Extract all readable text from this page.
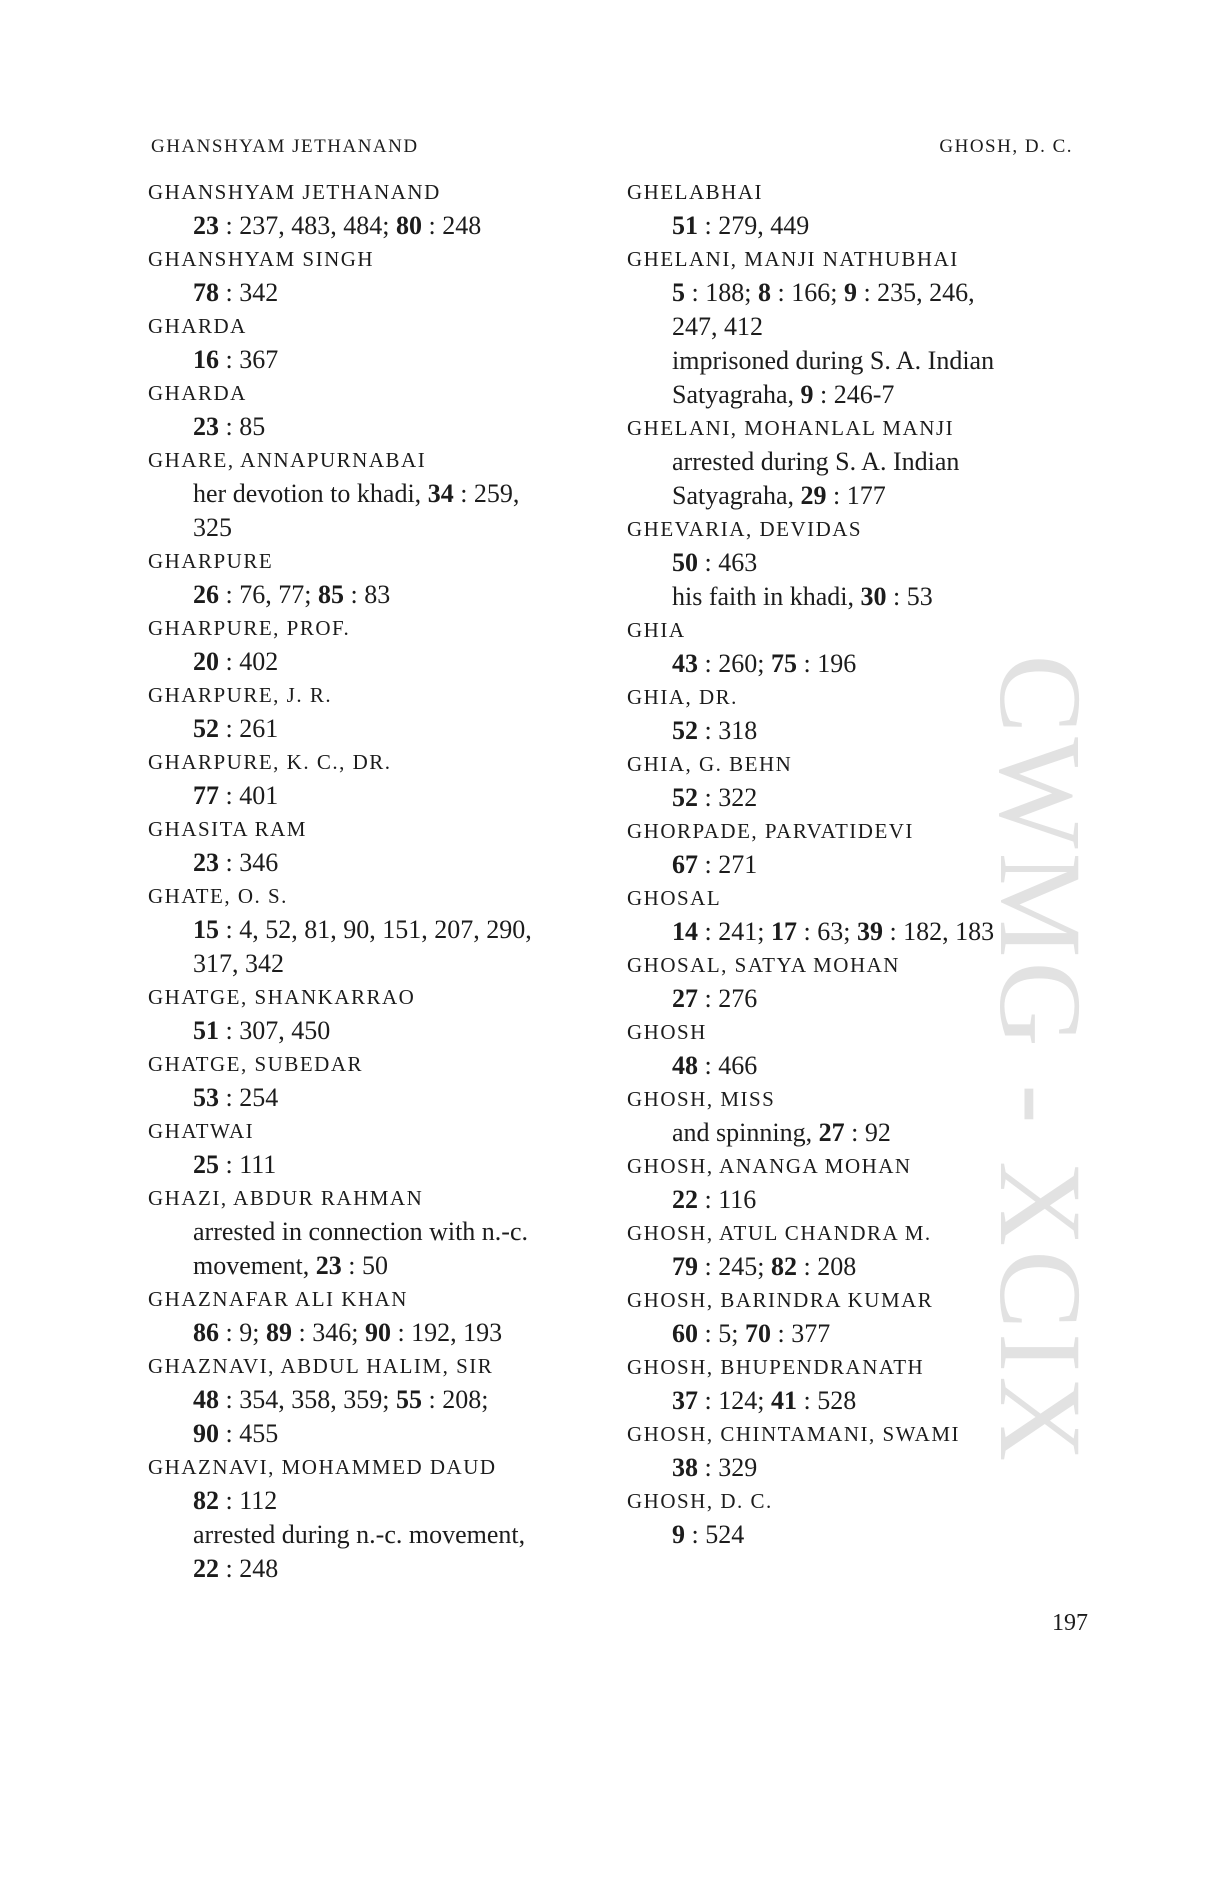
CWMG - XCIX
GHANSHYAM JETHANAND	GHOSH, D. C.
GHANSHYAM JETHANAND
23 : 237, 483, 484; 80 : 248
GHANSHYAM SINGH
78 : 342
GHARDA
16 : 367
GHARDA
23 : 85
GHARE, ANNAPURNABAI
her devotion to khadi, 34 : 259,
325
GHARPURE
26 : 76, 77; 85 : 83
GHARPURE, PROF.
20 : 402
GHARPURE, J. R.
52 : 261
GHARPURE, K. C., DR.
77 : 401
GHASITA RAM
23 : 346
GHATE, O. S.
15 : 4, 52, 81, 90, 151, 207, 290,
317, 342
GHATGE, SHANKARRAO
51 : 307, 450
GHATGE, SUBEDAR
53 : 254
GHATWAI
25 : 111
GHAZI, ABDUR RAHMAN
arrested in connection with n.-c.
movement, 23 : 50
GHAZNAFAR ALI KHAN
86 : 9; 89 : 346; 90 : 192, 193
GHAZNAVI, ABDUL HALIM, SIR
48 : 354, 358, 359; 55 : 208;
90 : 455
GHAZNAVI, MOHAMMED DAUD
82 : 112
arrested during n.-c. movement,
22 : 248
GHELABHAI
51 : 279, 449
GHELANI, MANJI NATHUBHAI
5 : 188; 8 : 166; 9 : 235, 246,
247, 412
imprisoned during S. A. Indian
Satyagraha, 9 : 246-7
GHELANI, MOHANLAL MANJI
arrested during S. A. Indian
Satyagraha, 29 : 177
GHEVARIA, DEVIDAS
50 : 463
his faith in khadi, 30 : 53
GHIA
43 : 260; 75 : 196
GHIA, DR.
52 : 318
GHIA, G. BEHN
52 : 322
GHORPADE, PARVATIDEVI
67 : 271
GHOSAL
14 : 241; 17 : 63; 39 : 182, 183
GHOSAL, SATYA MOHAN
27 : 276
GHOSH
48 : 466
GHOSH, MISS
and spinning, 27 : 92
GHOSH, ANANGA MOHAN
22 : 116
GHOSH, ATUL CHANDRA M.
79 : 245; 82 : 208
GHOSH, BARINDRA KUMAR
60 : 5; 70 : 377
GHOSH, BHUPENDRANATH
37 : 124; 41 : 528
GHOSH, CHINTAMANI, SWAMI
38 : 329
GHOSH, D. C.
9 : 524
197
